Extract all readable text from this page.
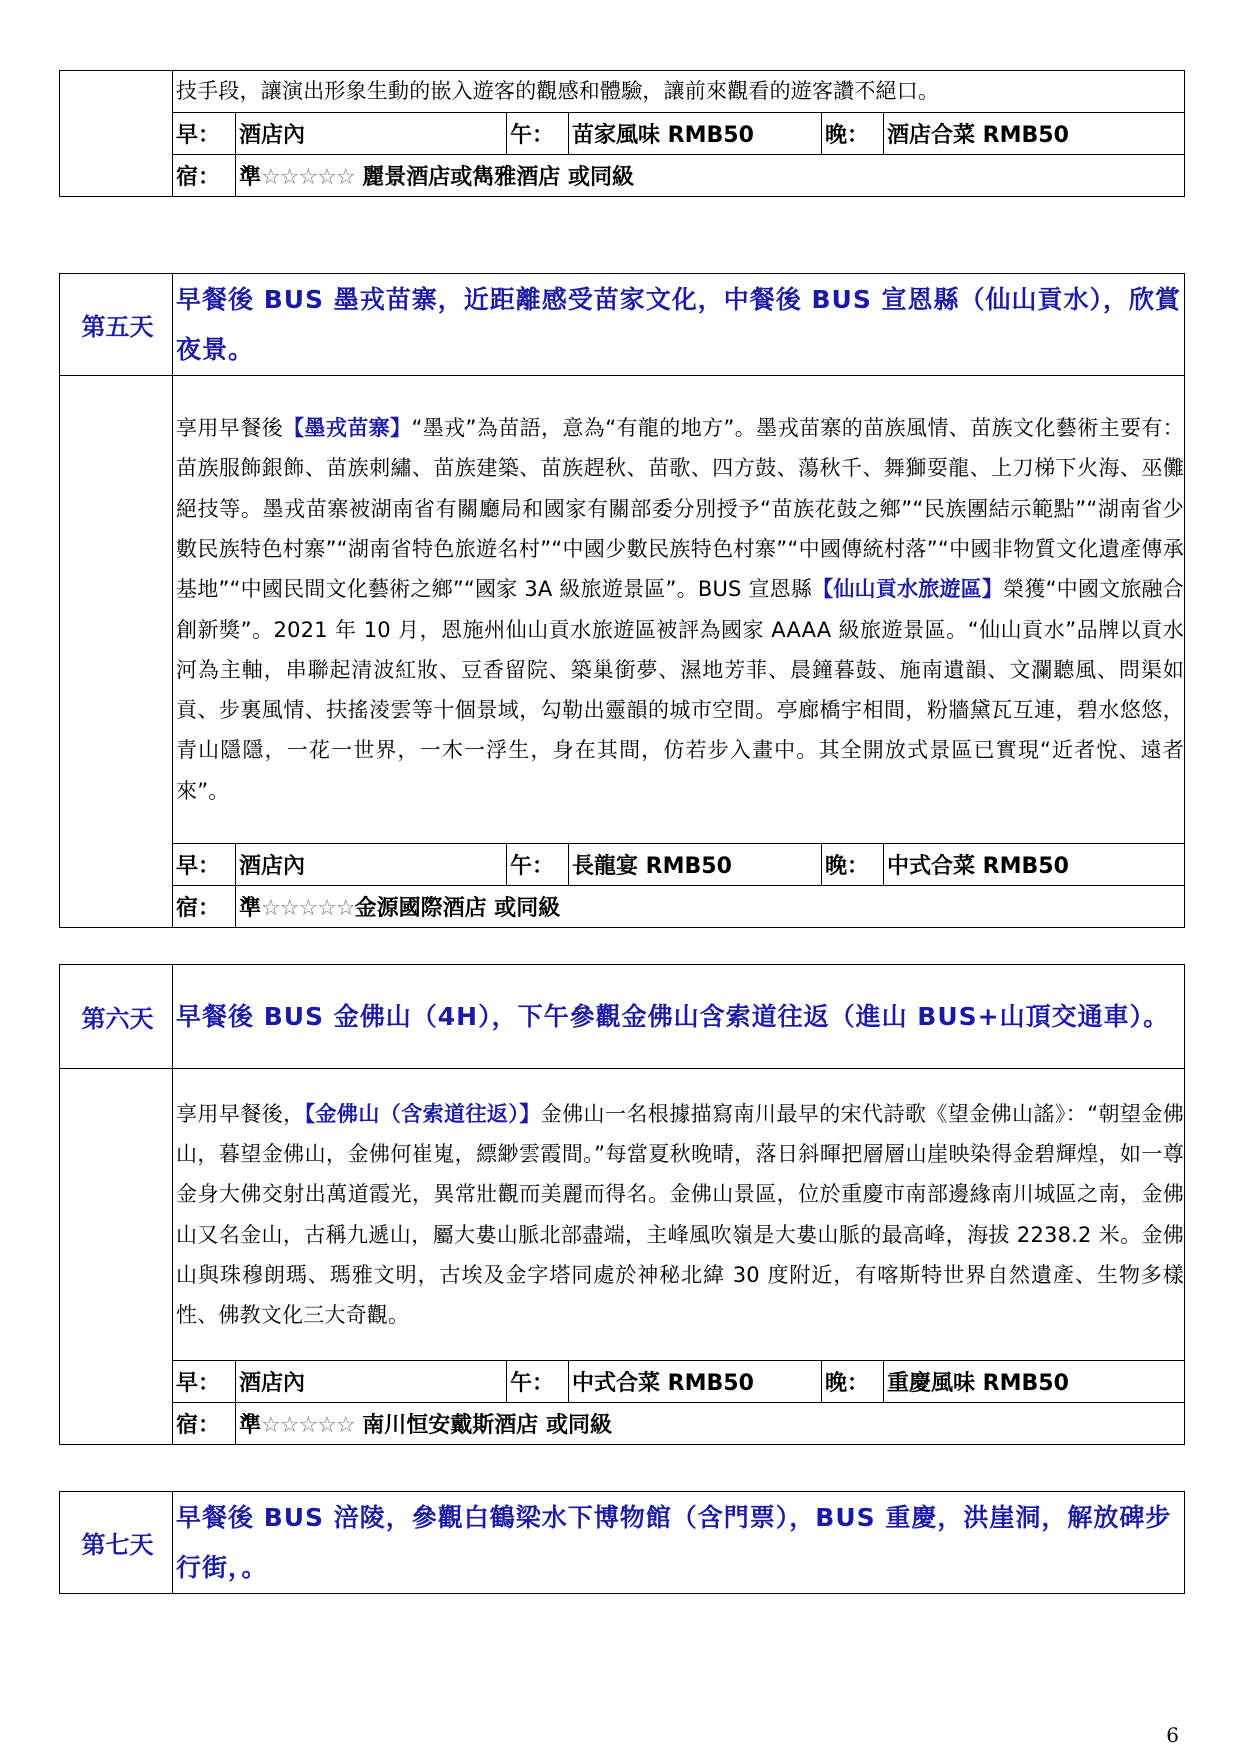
	技手段，讓演出形象生動的嵌入遊客的觀感和體驗，讓前來觀看的遊客讚不絕口。					
	早：	酒店內	午：	苗家風味 RMB50	晚：	酒店合菜 RMB50
	宿：	準☆☆☆☆☆ 麗景酒店或雋雅酒店 或同級				
第五天	早餐後 BUS 墨戎苗寨，近距離感受苗家文化，中餐後 BUS 宣恩縣（仙山貢水），欣賞夜景。					
	享用早餐後【墨戎苗寨】“墨戎”為苗語，意為“有龍的地方”。墨戎苗寨的苗族風情、苗族文化藝術主要有：苗族服飾銀飾、苗族刺繡、苗族建築、苗族趕秋、苗歌、四方鼓、蕩秋千、舞獅耍龍、上刀梯下火海、巫儺絕技等。墨戎苗寨被湖南省有關廳局和國家有關部委分別授予“苗族花鼓之鄉”“民族團結示範點”“湖南省少數民族特色村寨”“湖南省特色旅遊名村”“中國少數民族特色村寨”“中國傳統村落”“中國非物質文化遺產傳承基地”“中國民間文化藝術之鄉”“國家 3A 級旅遊景區”。BUS 宣恩縣【仙山貢水旅遊區】榮獲“中國文旅融合創新獎”。2021 年 10 月，恩施州仙山貢水旅遊區被評為國家 AAAA 級旅遊景區。“仙山貢水”品牌以貢水河為主軸，串聯起清波紅妝、豆香留院、築巢銜夢、濕地芳菲、晨鐘暮鼓、施南遺韻、文瀾聽風、問渠如貢、步裏風情、扶搖淩雲等十個景域，勾勒出靈韻的城市空間。亭廊橋宇相間，粉牆黛瓦互連，碧水悠悠，青山隱隱，一花一世界，一木一浮生，身在其間，仿若步入畫中。其全開放式景區已實現“近者悅、遠者來”。					
	早：	酒店內	午：	長龍宴 RMB50	晚：	中式合菜 RMB50
	宿：	準☆☆☆☆☆金源國際酒店 或同級				
第六天	早餐後 BUS 金佛山（4H），下午參觀金佛山含索道往返（進山 BUS+山頂交通車）。					
	享用早餐後，【金佛山（含索道往返）】金佛山一名根據描寫南川最早的宋代詩歌《望金佛山謠》：“朝望金佛山，暮望金佛山，金佛何崔嵬，縹緲雲霞間。”每當夏秋晚晴，落日斜暉把層層山崖映染得金碧輝煌，如一尊金身大佛交射出萬道霞光，異常壯觀而美麗而得名。金佛山景區，位於重慶市南部邊緣南川城區之南，金佛山又名金山，古稱九遞山，屬大婁山脈北部盡端，主峰風吹嶺是大婁山脈的最高峰，海拔 2238.2 米。金佛山與珠穆朗瑪、瑪雅文明，古埃及金字塔同處於神秘北緯 30 度附近，有喀斯特世界自然遺產、生物多樣性、佛教文化三大奇觀。					
	早：	酒店內	午：	中式合菜 RMB50	晚：	重慶風味 RMB50
	宿：	準☆☆☆☆☆ 南川恒安戴斯酒店 或同級				
第七天	早餐後 BUS 涪陵，參觀白鶴梁水下博物館（含門票），BUS 重慶，洪崖洞，解放碑步行街，。
6
